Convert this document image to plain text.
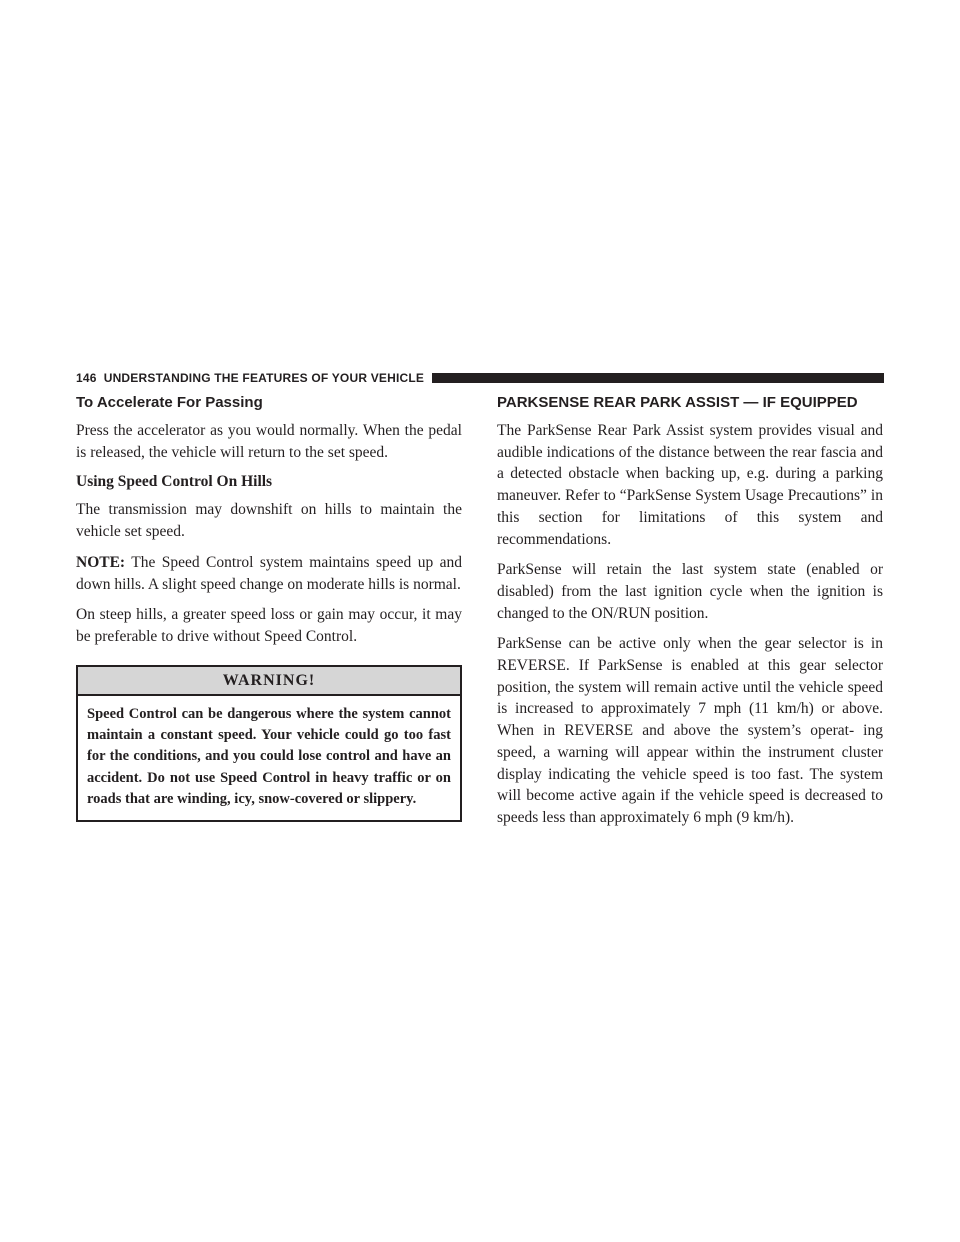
146 UNDERSTANDING THE FEATURES OF YOUR VEHICLE
To Accelerate For Passing

Press the accelerator as you would normally. When the pedal is released, the vehicle will return to the set speed.

Using Speed Control On Hills

The transmission may downshift on hills to maintain the vehicle set speed.

NOTE: The Speed Control system maintains speed up and down hills. A slight speed change on moderate hills is normal.

On steep hills, a greater speed loss or gain may occur, it may be preferable to drive without Speed Control.

WARNING!
Speed Control can be dangerous where the system cannot maintain a constant speed. Your vehicle could go too fast for the conditions, and you could lose control and have an accident. Do not use Speed Control in heavy traffic or on roads that are winding, icy, snow-covered or slippery.
PARKSENSE REAR PARK ASSIST — IF EQUIPPED

The ParkSense Rear Park Assist system provides visual and audible indications of the distance between the rear fascia and a detected obstacle when backing up, e.g. during a parking maneuver. Refer to “ParkSense System Usage Precautions” in this section for limitations of this system and recommendations.

ParkSense will retain the last system state (enabled or disabled) from the last ignition cycle when the ignition is changed to the ON/RUN position.

ParkSense can be active only when the gear selector is in REVERSE. If ParkSense is enabled at this gear selector position, the system will remain active until the vehicle speed is increased to approximately 7 mph (11 km/h) or above. When in REVERSE and above the system’s operat- ing speed, a warning will appear within the instrument cluster display indicating the vehicle speed is too fast. The system will become active again if the vehicle speed is decreased to speeds less than approximately 6 mph (9 km/h).
